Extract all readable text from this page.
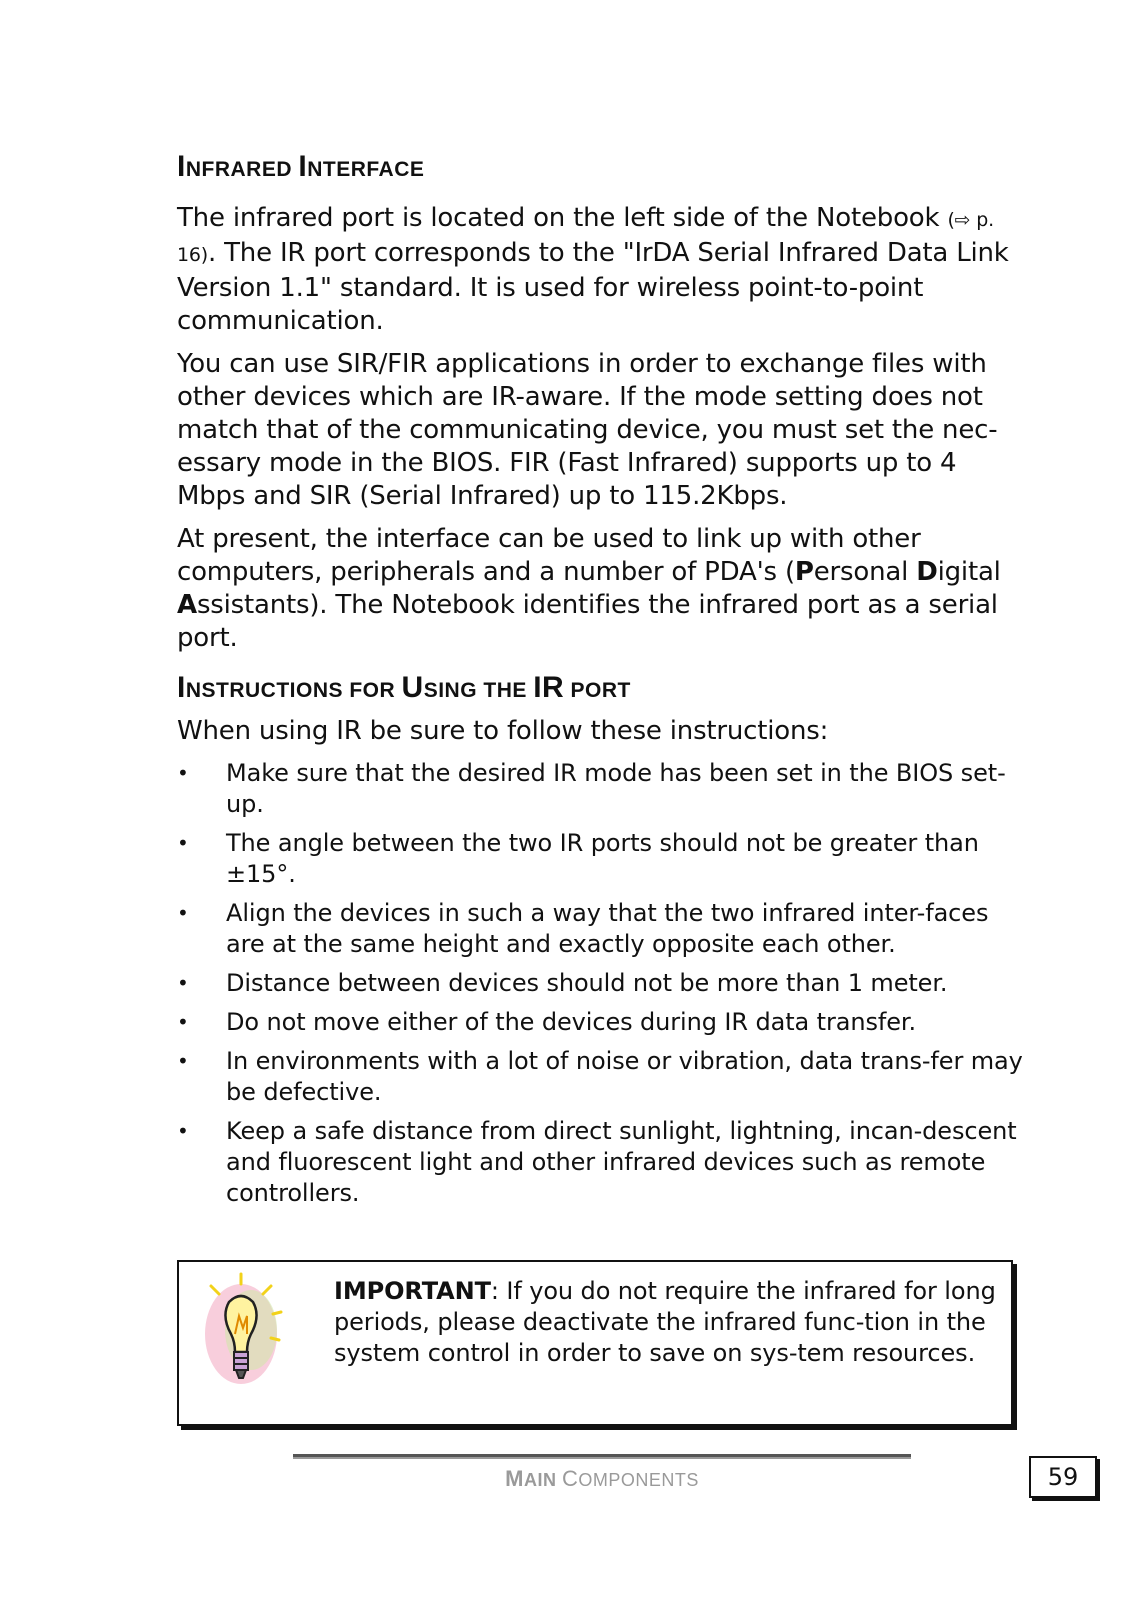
INFRARED INTERFACE

The infrared port is located on the left side of the Notebook (⇨ p. 16). The IR port corresponds to the "IrDA Serial Infrared Data Link Version 1.1" standard. It is used for wireless point-to-point communication.

You can use SIR/FIR applications in order to exchange files with other devices which are IR-aware. If the mode setting does not match that of the communicating device, you must set the nec-essary mode in the BIOS. FIR (Fast Infrared) supports up to 4 Mbps and SIR (Serial Infrared) up to 115.2Kbps.

At present, the interface can be used to link up with other computers, peripherals and a number of PDA's (Personal Digital Assistants). The Notebook identifies the infrared port as a serial port.

INSTRUCTIONS FOR USING THE IR PORT

When using IR be sure to follow these instructions:

• Make sure that the desired IR mode has been set in the BIOS set-up.
• The angle between the two IR ports should not be greater than ±15°.
• Align the devices in such a way that the two infrared inter-faces are at the same height and exactly opposite each other.
• Distance between devices should not be more than 1 meter.
• Do not move either of the devices during IR data transfer.
• In environments with a lot of noise or vibration, data trans-fer may be defective.
• Keep a safe distance from direct sunlight, lightning, incan-descent and fluorescent light and other infrared devices such as remote controllers.
IMPORTANT: If you do not require the infrared for long periods, please deactivate the infrared func-tion in the system control in order to save on sys-tem resources.
MAIN COMPONENTS	59
